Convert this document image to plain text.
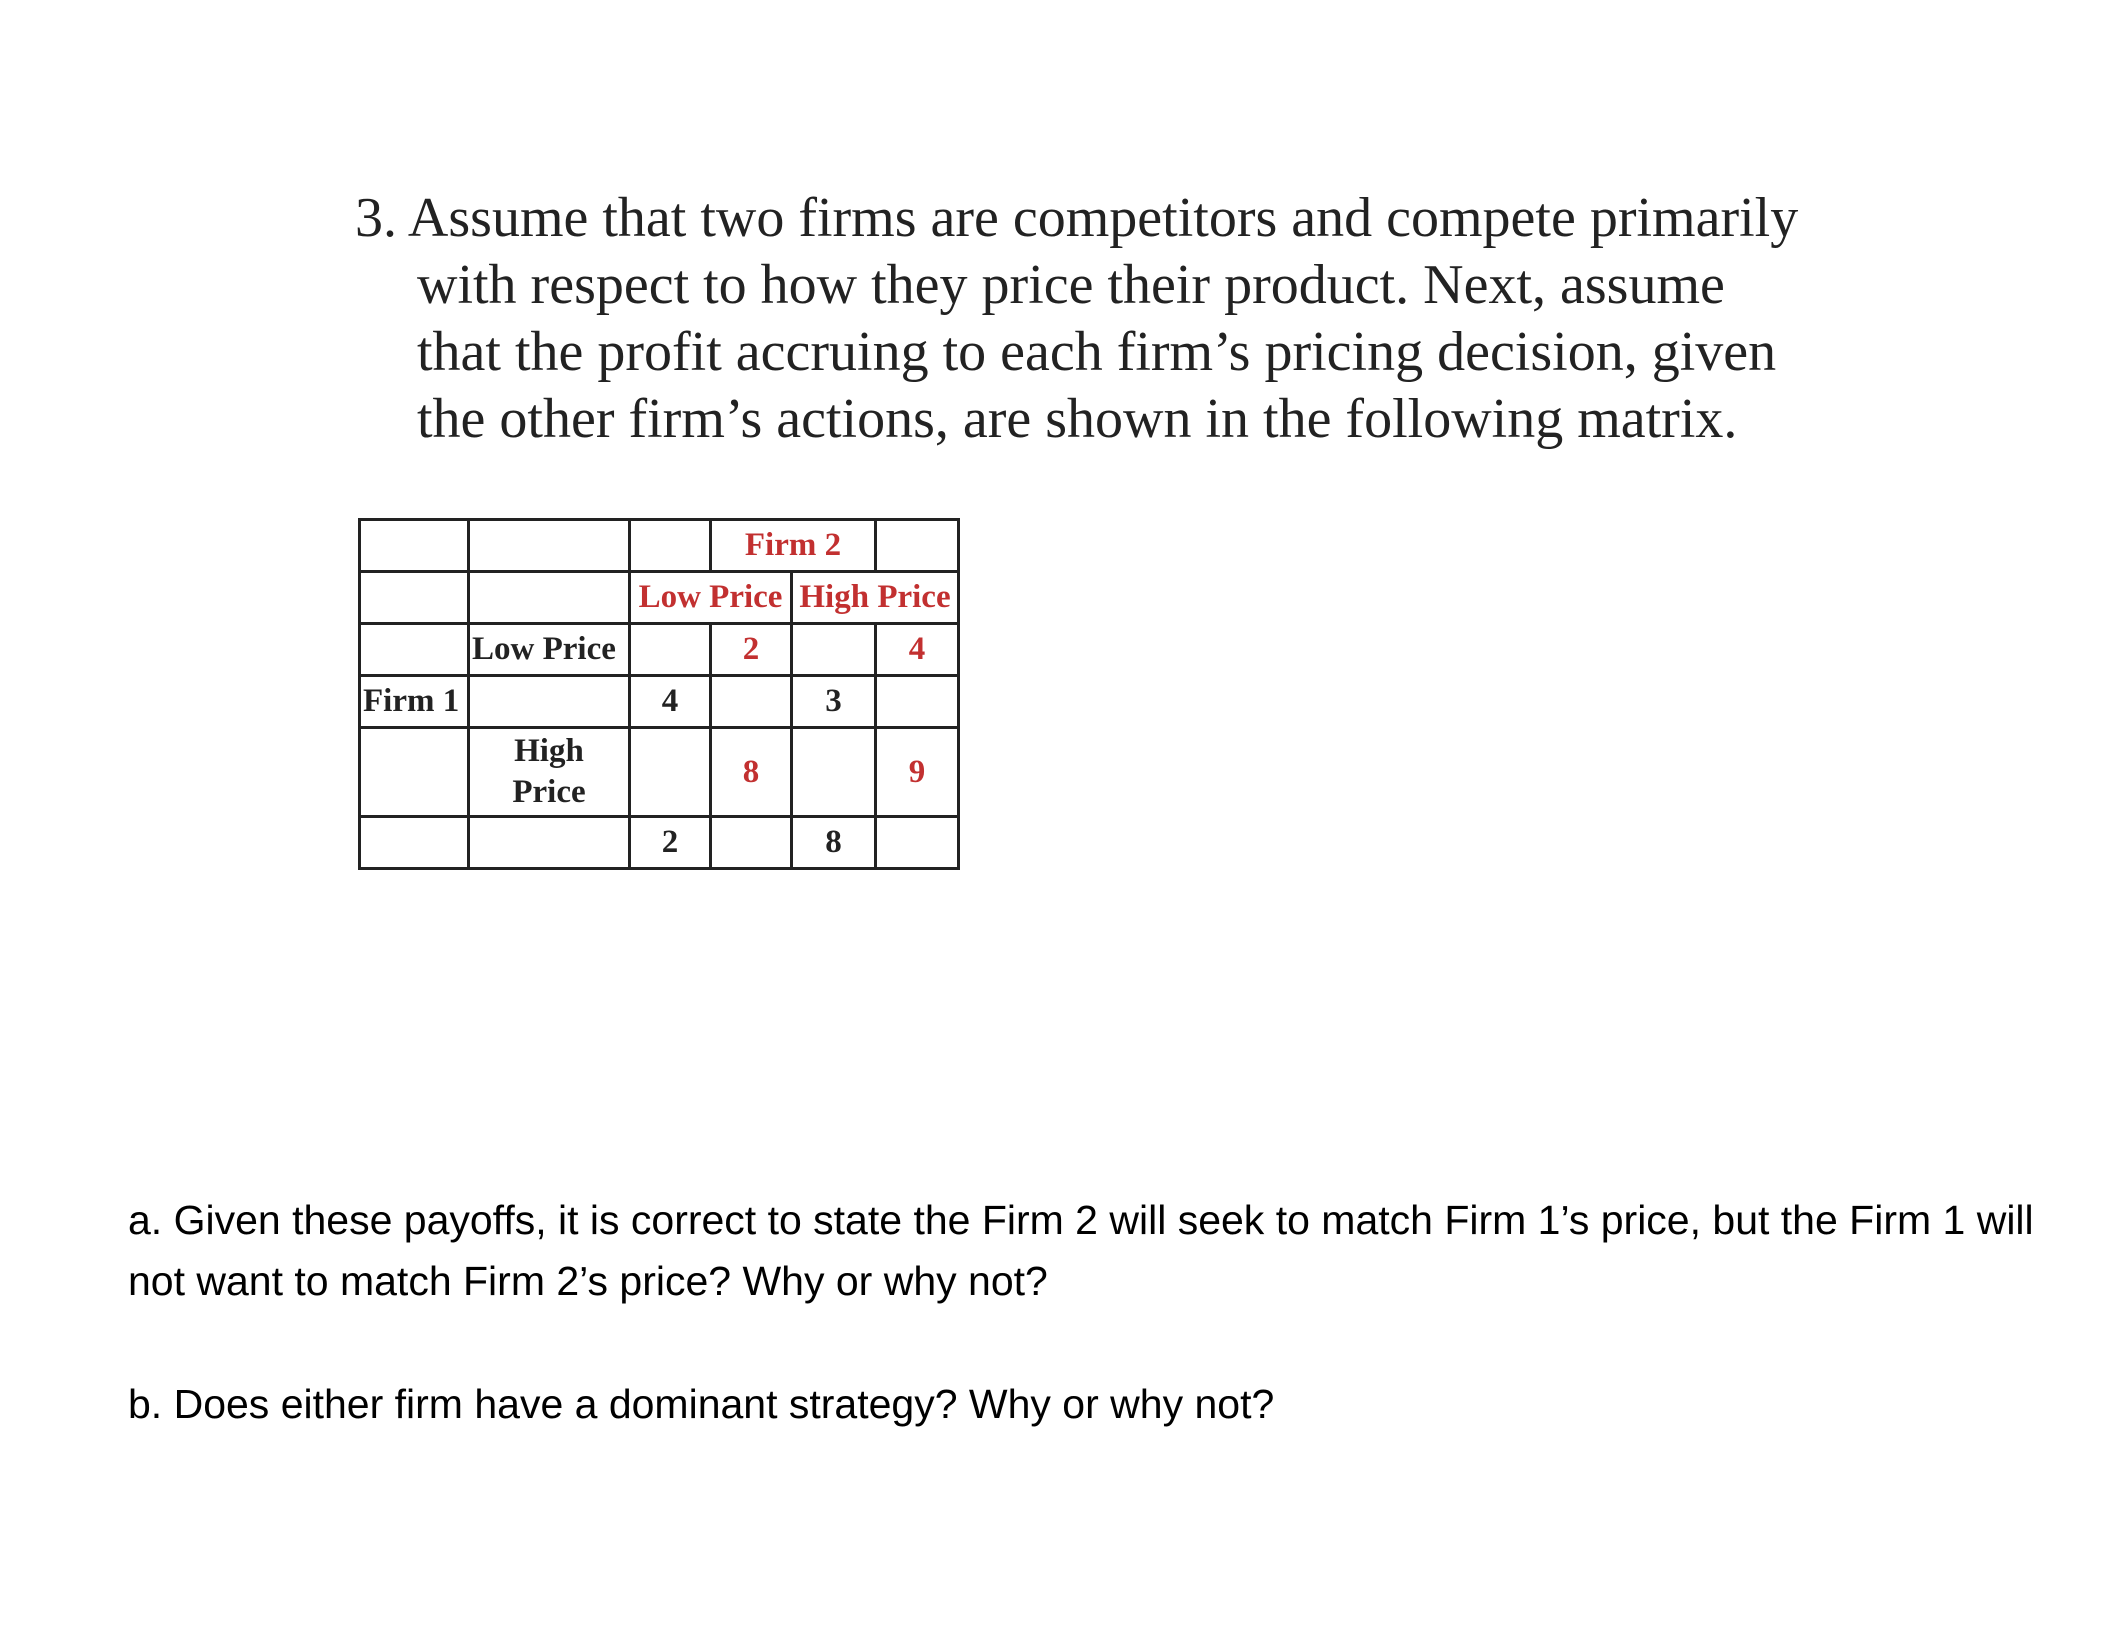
3. Assume that two firms are competitors and compete primarily
with respect to how they price their product. Next, assume
that the profit accruing to each firm’s pricing decision, given
the other firm’s actions, are shown in the following matrix.
			Firm 2		
		Low Price		High Price	
	Low Price		2		4
Firm 1		4		3	
	High Price		8		9
		2		8	
a. Given these payoffs, it is correct to state the Firm 2 will seek to match Firm 1’s price, but the Firm 1 will not want to match Firm 2’s price? Why or why not?
b. Does either firm have a dominant strategy? Why or why not?
